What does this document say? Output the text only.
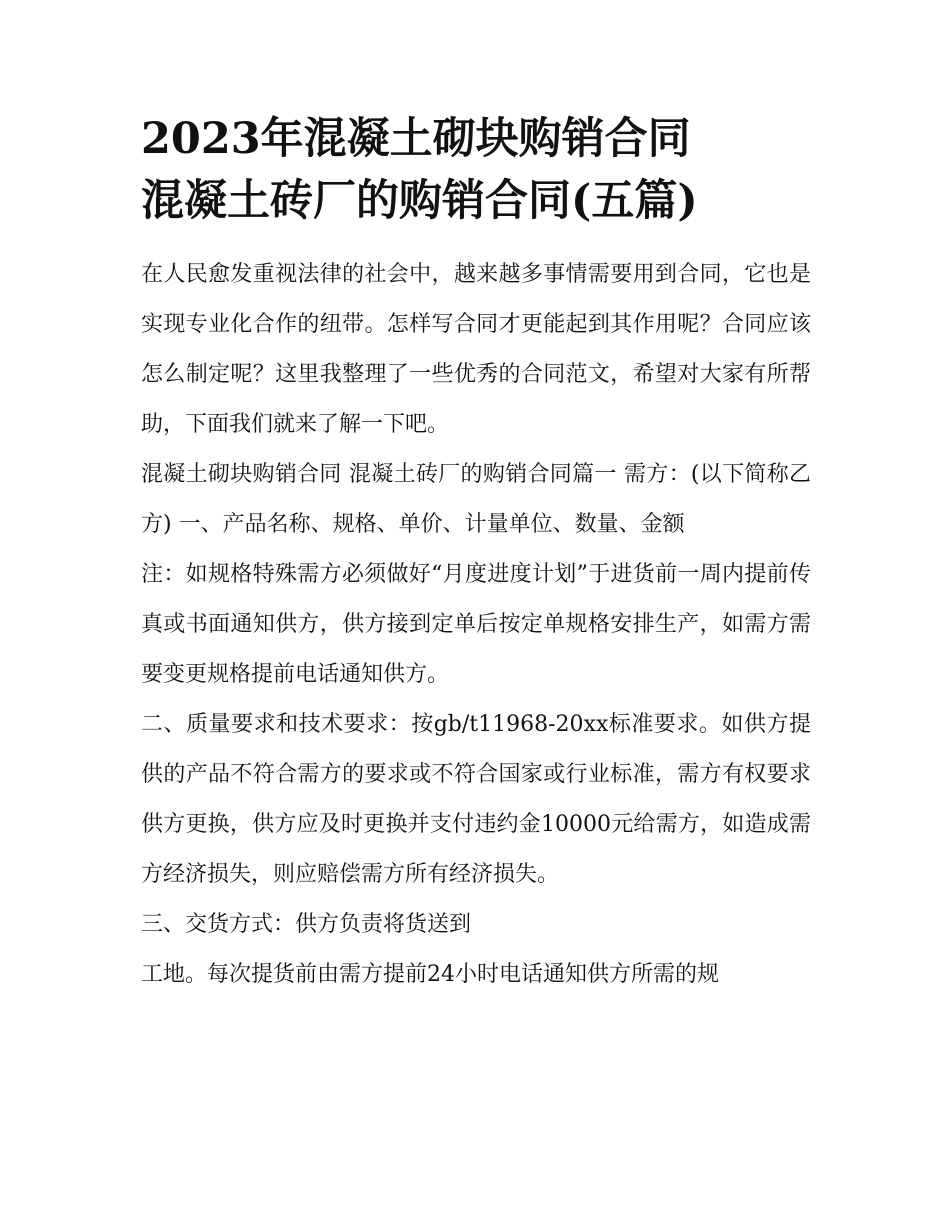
2023年混凝土砌块购销合同
混凝土砖厂的购销合同(五篇)

在人民愈发重视法律的社会中，越来越多事情需要用到合同，它也是实现专业化合作的纽带。怎样写合同才更能起到其作用呢？合同应该怎么制定呢？这里我整理了一些优秀的合同范文，希望对大家有所帮助，下面我们就来了解一下吧。

混凝土砌块购销合同 混凝土砖厂的购销合同篇一 需方：(以下简称乙方) 一、产品名称、规格、单价、计量单位、数量、金额

注：如规格特殊需方必须做好“月度进度计划”于进货前一周内提前传真或书面通知供方，供方接到定单后按定单规格安排生产，如需方需要变更规格提前电话通知供方。

二、质量要求和技术要求：按gb/t11968-20xx标准要求。如供方提供的产品不符合需方的要求或不符合国家或行业标准，需方有权要求供方更换，供方应及时更换并支付违约金10000元给需方，如造成需方经济损失，则应赔偿需方所有经济损失。

三、交货方式：供方负责将货送到

工地。每次提货前由需方提前24小时电话通知供方所需的规
